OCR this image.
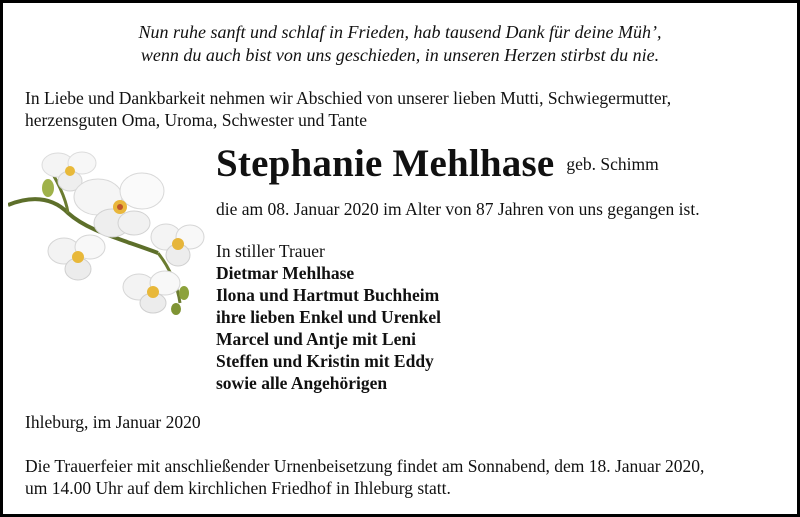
Nun ruhe sanft und schlaf in Frieden, hab tausend Dank für deine Müh’,
wenn du auch bist von uns geschieden, in unseren Herzen stirbst du nie.
In Liebe und Dankbarkeit nehmen wir Abschied von unserer lieben Mutti, Schwiegermutter,
herzensguten Oma, Uroma, Schwester und Tante
Stephanie Mehlhase geb. Schimm
die am 08. Januar 2020 im Alter von 87 Jahren von uns gegangen ist.
In stiller Trauer
Dietmar Mehlhase
Ilona und Hartmut Buchheim
ihre lieben Enkel und Urenkel
Marcel und Antje mit Leni
Steffen und Kristin mit Eddy
sowie alle Angehörigen
Ihleburg, im Januar 2020
Die Trauerfeier mit anschließender Urnenbeisetzung findet am Sonnabend, dem 18. Januar 2020,
um 14.00 Uhr auf dem kirchlichen Friedhof in Ihleburg statt.
